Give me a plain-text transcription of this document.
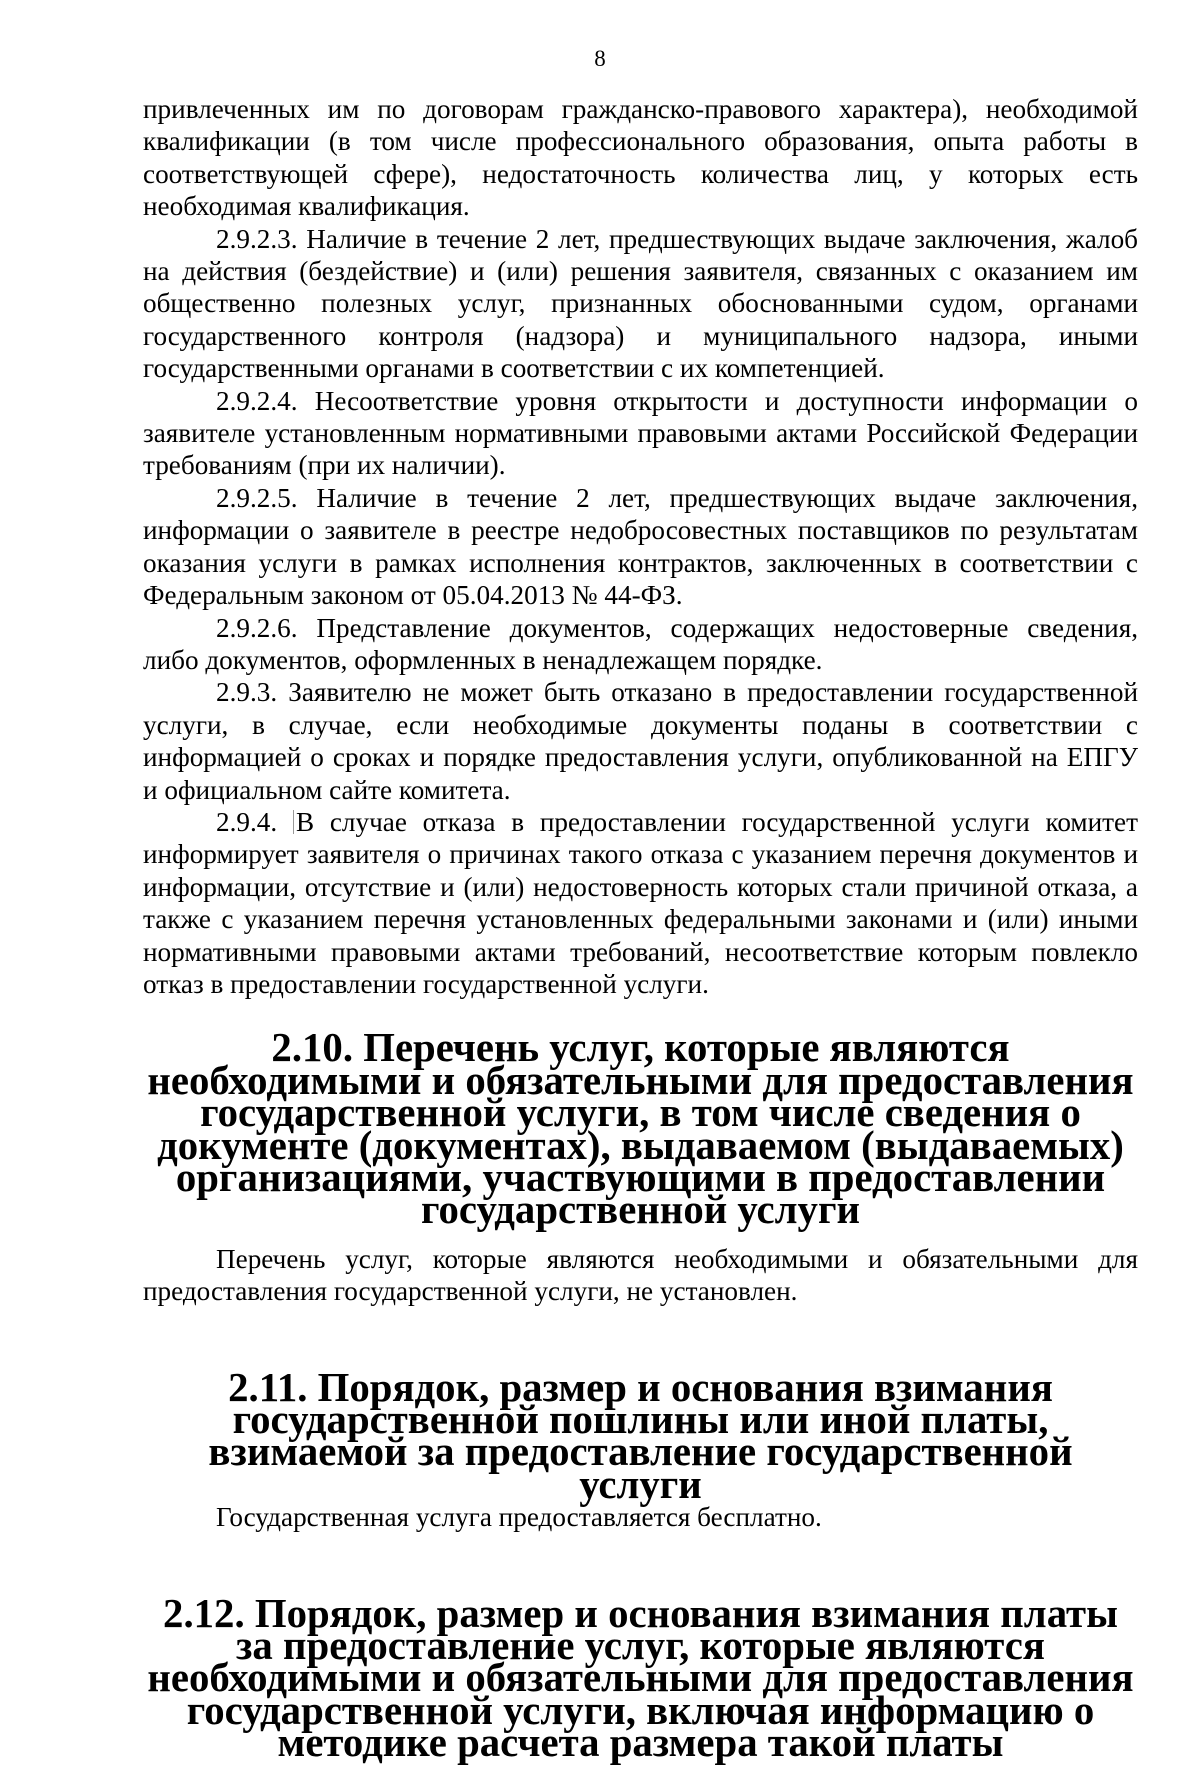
8

привлеченных им по договорам гражданско-правового характера), необходимой квалификации (в том числе профессионального образования, опыта работы в соответствующей сфере), недостаточность количества лиц, у которых есть необходимая квалификация.

2.9.2.3. Наличие в течение 2 лет, предшествующих выдаче заключения, жалоб на действия (бездействие) и (или) решения заявителя, связанных с оказанием им общественно полезных услуг, признанных обоснованными судом, органами государственного контроля (надзора) и муниципального надзора, иными государственными органами в соответствии с их компетенцией.

2.9.2.4. Несоответствие уровня открытости и доступности информации о заявителе установленным нормативными правовыми актами Российской Федерации требованиям (при их наличии).

2.9.2.5. Наличие в течение 2 лет, предшествующих выдаче заключения, информации о заявителе в реестре недобросовестных поставщиков по результатам оказания услуги в рамках исполнения контрактов, заключенных в соответствии с Федеральным законом от 05.04.2013 № 44-ФЗ.

2.9.2.6. Представление документов, содержащих недостоверные сведения, либо документов, оформленных в ненадлежащем порядке.

2.9.3. Заявителю не может быть отказано в предоставлении государственной услуги, в случае, если необходимые документы поданы в соответствии с информацией о сроках и порядке предоставления услуги, опубликованной на ЕПГУ и официальном сайте комитета.

2.9.4. В случае отказа в предоставлении государственной услуги комитет информирует заявителя о причинах такого отказа с указанием перечня документов и информации, отсутствие и (или) недостоверность которых стали причиной отказа, а также с указанием перечня установленных федеральными законами и (или) иными нормативными правовыми актами требований, несоответствие которым повлекло отказ в предоставлении государственной услуги.

2.10. Перечень услуг, которые являются необходимыми и обязательными для предоставления государственной услуги, в том числе сведения о документе (документах), выдаваемом (выдаваемых) организациями, участвующими в предоставлении государственной услуги

Перечень услуг, которые являются необходимыми и обязательными для предоставления государственной услуги, не установлен.

2.11. Порядок, размер и основания взимания государственной пошлины или иной платы, взимаемой за предоставление государственной услуги

Государственная услуга предоставляется бесплатно.

2.12. Порядок, размер и основания взимания платы за предоставление услуг, которые являются необходимыми и обязательными для предоставления государственной услуги, включая информацию о методике расчета размера такой платы
